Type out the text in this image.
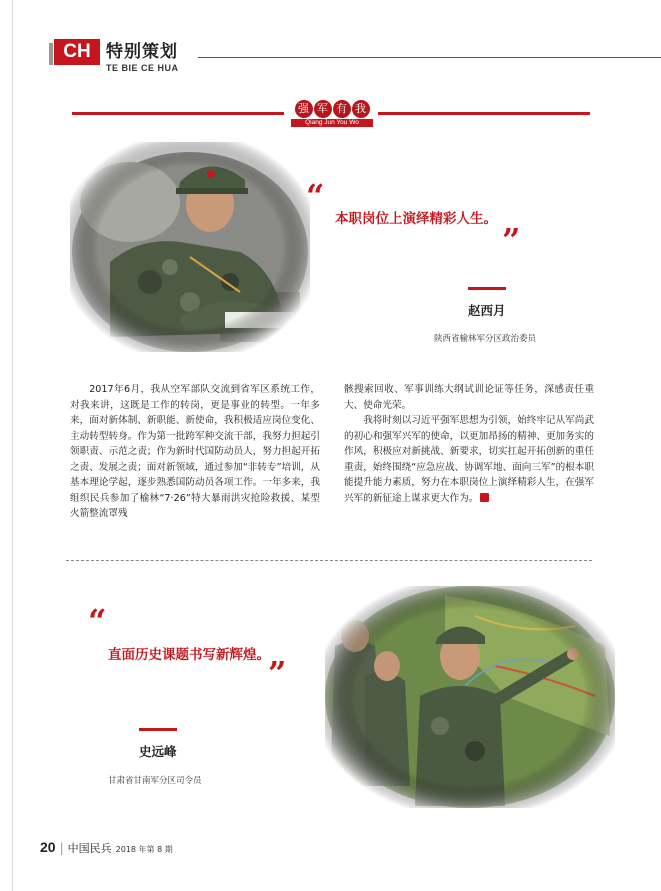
CH 特别策划
TE BIE CE HUA
强 军 有 我
Qiang Jun You Wo
“
本职岗位上演绎精彩人生。
”
赵西月
陕西省榆林军分区政治委员

2017年6月，我从空军部队交流到省军区系统工作，对我来讲，这既是工作的转岗，更是事业的转型。一年多来，面对新体制、新职能、新使命，我积极适应岗位变化、主动转型转身。作为第一批跨军种交流干部，我努力担起引领职责、示范之责；作为新时代国防动员人，努力担起开拓之责、发展之责；面对新领域，通过参加“非转专”培训，从基本理论学起，逐步熟悉国防动员各项工作。一年多来，我组织民兵参加了榆林“7·26”特大暴雨洪灾抢险救援、某型火箭整流罩残

骸搜索回收、军事训练大纲试训论证等任务，深感责任重大、使命光荣。

我将时刻以习近平强军思想为引领，始终牢记从军尚武的初心和强军兴军的使命，以更加昂扬的精神、更加务实的作风，积极应对新挑战、新要求，切实扛起开拓创新的重任重责，始终围绕“应急应战、协调军地、面向三军”的根本职能提升能力素质，努力在本职岗位上演绎精彩人生，在强军兴军的新征途上谋求更大作为。	兵

“
直面历史课题书写新辉煌。
”
史远峰
甘肃省甘南军分区司令员
20 | 中国民兵 2018 年第 8 期
